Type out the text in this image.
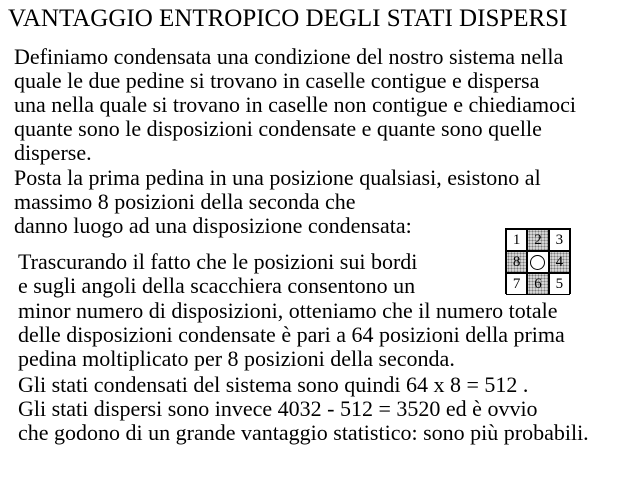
VANTAGGIO ENTROPICO DEGLI STATI DISPERSI
Definiamo condensata una condizione del nostro sistema nella
quale le due pedine si trovano in caselle contigue e dispersa
una nella quale si trovano in caselle non contigue e chiediamoci
quante sono le disposizioni condensate e quante sono quelle
disperse.
Posta la prima pedina in una posizione qualsiasi, esistono al
massimo 8 posizioni della seconda che
danno luogo ad una disposizione condensata:
Trascurando il fatto che le posizioni sui bordi
e sugli angoli della scacchiera consentono un
minor numero di disposizioni, otteniamo che il numero totale
delle disposizioni condensate è pari a 64 posizioni della prima
pedina moltiplicato per 8 posizioni della seconda.
Gli stati condensati del sistema sono quindi 64 x 8 = 512 .
Gli stati dispersi sono invece 4032 - 512 = 3520 ed è ovvio
che godono di un grande vantaggio statistico: sono più probabili.
1 2 3
8	4
7 6 5
